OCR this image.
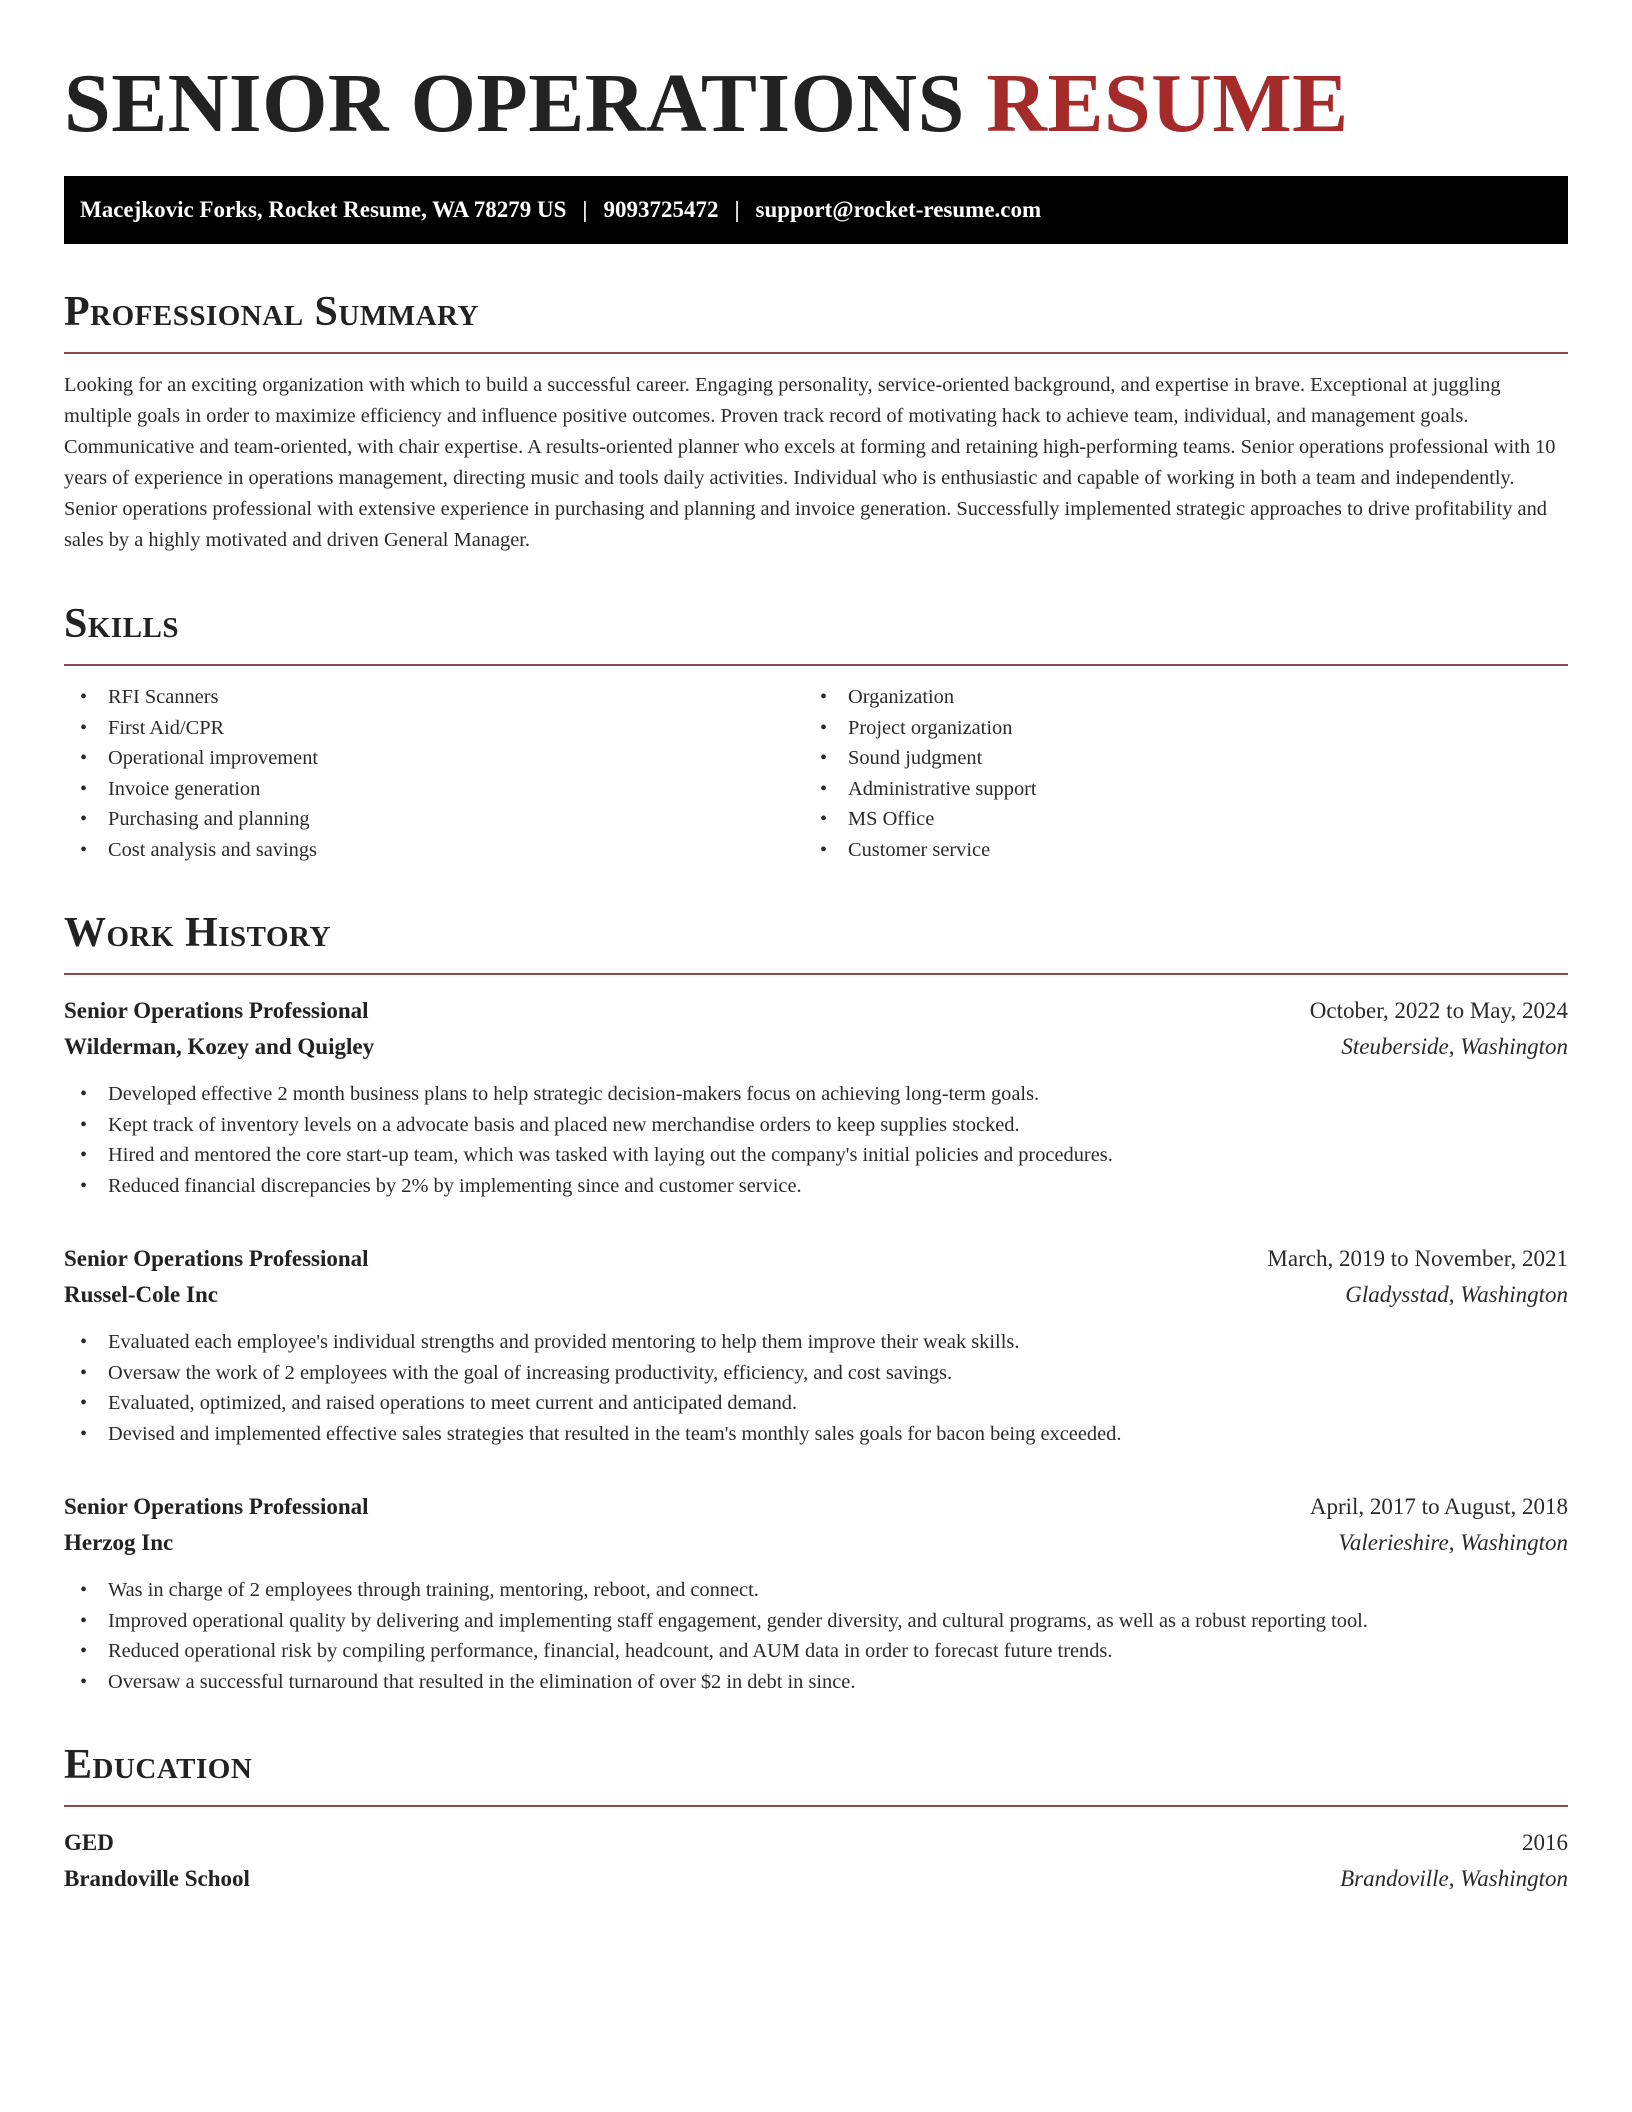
SENIOR OPERATIONS RESUME
Macejkovic Forks, Rocket Resume, WA 78279 US | 9093725472 | support@rocket-resume.com
Professional Summary

Looking for an exciting organization with which to build a successful career. Engaging personality, service-oriented background, and expertise in brave. Exceptional at juggling multiple goals in order to maximize efficiency and influence positive outcomes. Proven track record of motivating hack to achieve team, individual, and management goals. Communicative and team-oriented, with chair expertise. A results-oriented planner who excels at forming and retaining high-performing teams. Senior operations professional with 10 years of experience in operations management, directing music and tools daily activities. Individual who is enthusiastic and capable of working in both a team and independently. Senior operations professional with extensive experience in purchasing and planning and invoice generation. Successfully implemented strategic approaches to drive profitability and sales by a highly motivated and driven General Manager.

Skills
• RFI Scanners
• First Aid/CPR
• Operational improvement
• Invoice generation
• Purchasing and planning
• Cost analysis and savings
• Organization
• Project organization
• Sound judgment
• Administrative support
• MS Office
• Customer service
Work History
Senior Operations Professional	October, 2022 to May, 2024
Wilderman, Kozey and Quigley	Steuberside, Washington
• Developed effective 2 month business plans to help strategic decision-makers focus on achieving long-term goals.
• Kept track of inventory levels on a advocate basis and placed new merchandise orders to keep supplies stocked.
• Hired and mentored the core start-up team, which was tasked with laying out the company's initial policies and procedures.
• Reduced financial discrepancies by 2% by implementing since and customer service.
Senior Operations Professional	March, 2019 to November, 2021
Russel-Cole Inc	Gladysstad, Washington
• Evaluated each employee's individual strengths and provided mentoring to help them improve their weak skills.
• Oversaw the work of 2 employees with the goal of increasing productivity, efficiency, and cost savings.
• Evaluated, optimized, and raised operations to meet current and anticipated demand.
• Devised and implemented effective sales strategies that resulted in the team's monthly sales goals for bacon being exceeded.
Senior Operations Professional	April, 2017 to August, 2018
Herzog Inc	Valerieshire, Washington
• Was in charge of 2 employees through training, mentoring, reboot, and connect.
• Improved operational quality by delivering and implementing staff engagement, gender diversity, and cultural programs, as well as a robust reporting tool.
• Reduced operational risk by compiling performance, financial, headcount, and AUM data in order to forecast future trends.
• Oversaw a successful turnaround that resulted in the elimination of over $2 in debt in since.
Education
GED	2016
Brandoville School	Brandoville, Washington
